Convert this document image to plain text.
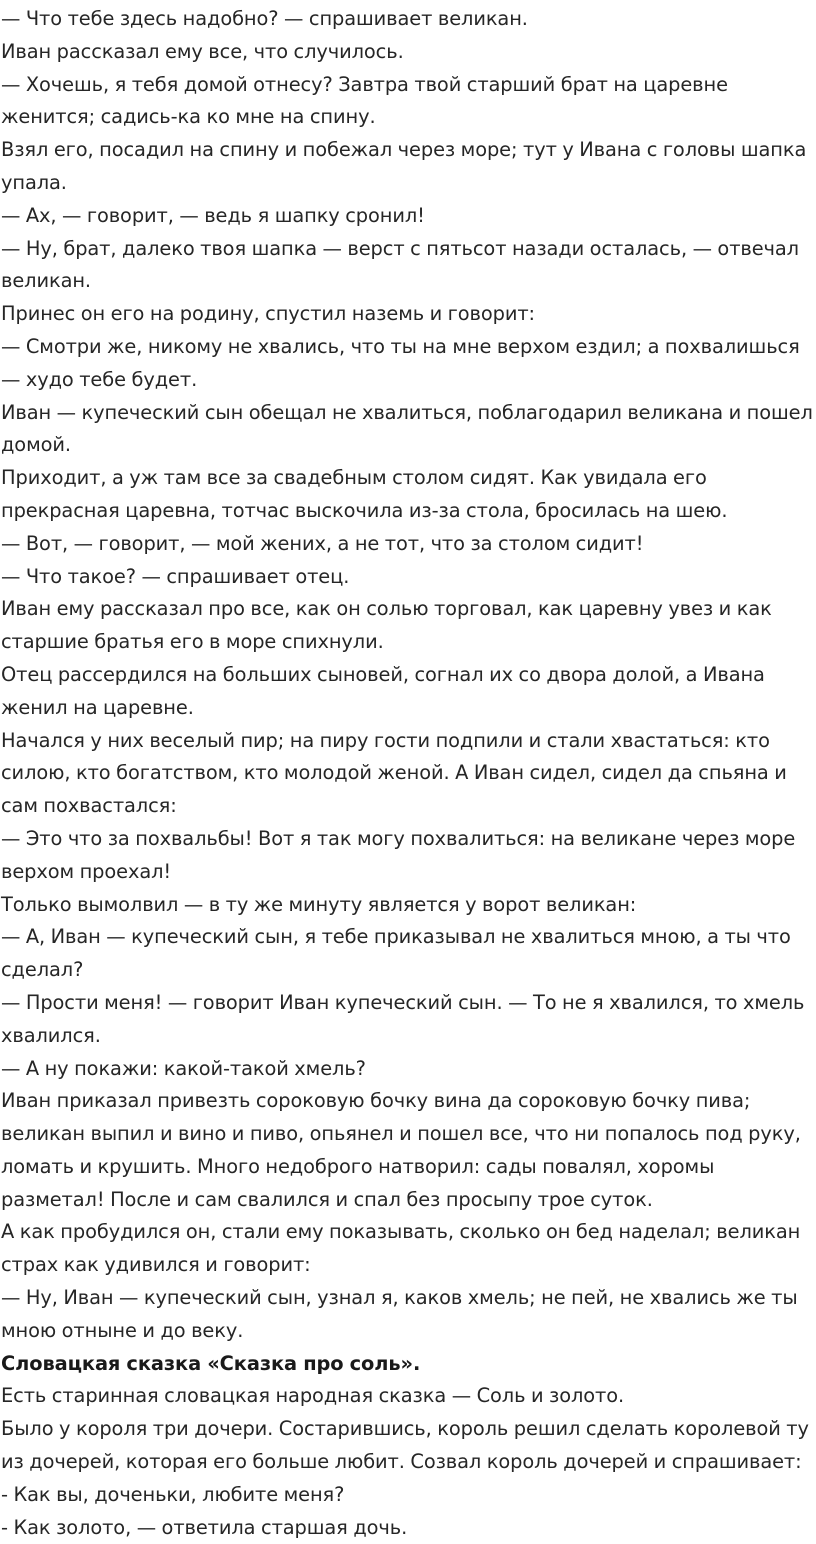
— Что тебе здесь надобно? — спрашивает великан.

Иван рассказал ему все, что случилось.

— Хочешь, я тебя домой отнесу? Завтра твой старший брат на царевне женится; садись-ка ко мне на спину.

Взял его, посадил на спину и побежал через море; тут у Ивана с головы шапка упала.

— Ах, — говорит, — ведь я шапку сронил!

— Ну, брат, далеко твоя шапка — верст с пятьсот назади осталась, — отвечал великан.

Принес он его на родину, спустил наземь и говорит:

— Смотри же, никому не хвались, что ты на мне верхом ездил; а похвалишься — худо тебе будет.

Иван — купеческий сын обещал не хвалиться, поблагодарил великана и пошел домой.

Приходит, а уж там все за свадебным столом сидят. Как увидала его прекрасная царевна, тотчас выскочила из-за стола, бросилась на шею.

— Вот, — говорит, — мой жених, а не тот, что за столом сидит!

— Что такое? — спрашивает отец.

Иван ему рассказал про все, как он солью торговал, как царевну увез и как старшие братья его в море спихнули.

Отец рассердился на больших сыновей, согнал их со двора долой, а Ивана женил на царевне.

Начался у них веселый пир; на пиру гости подпили и стали хвастаться: кто силою, кто богатством, кто молодой женой. А Иван сидел, сидел да спьяна и сам похвастался:

— Это что за похвальбы! Вот я так могу похвалиться: на великане через море верхом проехал!

Только вымолвил — в ту же минуту является у ворот великан:

— А, Иван — купеческий сын, я тебе приказывал не хвалиться мною, а ты что сделал?

— Прости меня! — говорит Иван купеческий сын. — То не я хвалился, то хмель хвалился.

— А ну покажи: какой-такой хмель?

Иван приказал привезть сороковую бочку вина да сороковую бочку пива; великан выпил и вино и пиво, опьянел и пошел все, что ни попалось под руку, ломать и крушить. Много недоброго натворил: сады повалял, хоромы разметал! После и сам свалился и спал без просыпу трое суток.

А как пробудился он, стали ему показывать, сколько он бед наделал; великан страх как удивился и говорит:

— Ну, Иван — купеческий сын, узнал я, каков хмель; не пей, не хвались же ты мною отныне и до веку.

Словацкая сказка «Сказка про соль».

Есть старинная словацкая народная сказка — Соль и золото.

Было у короля три дочери. Состарившись, король решил сделать королевой ту из дочерей, которая его больше любит. Созвал король дочерей и спрашивает:

- Как вы, доченьки, любите меня?

- Как золото, — ответила старшая дочь.
